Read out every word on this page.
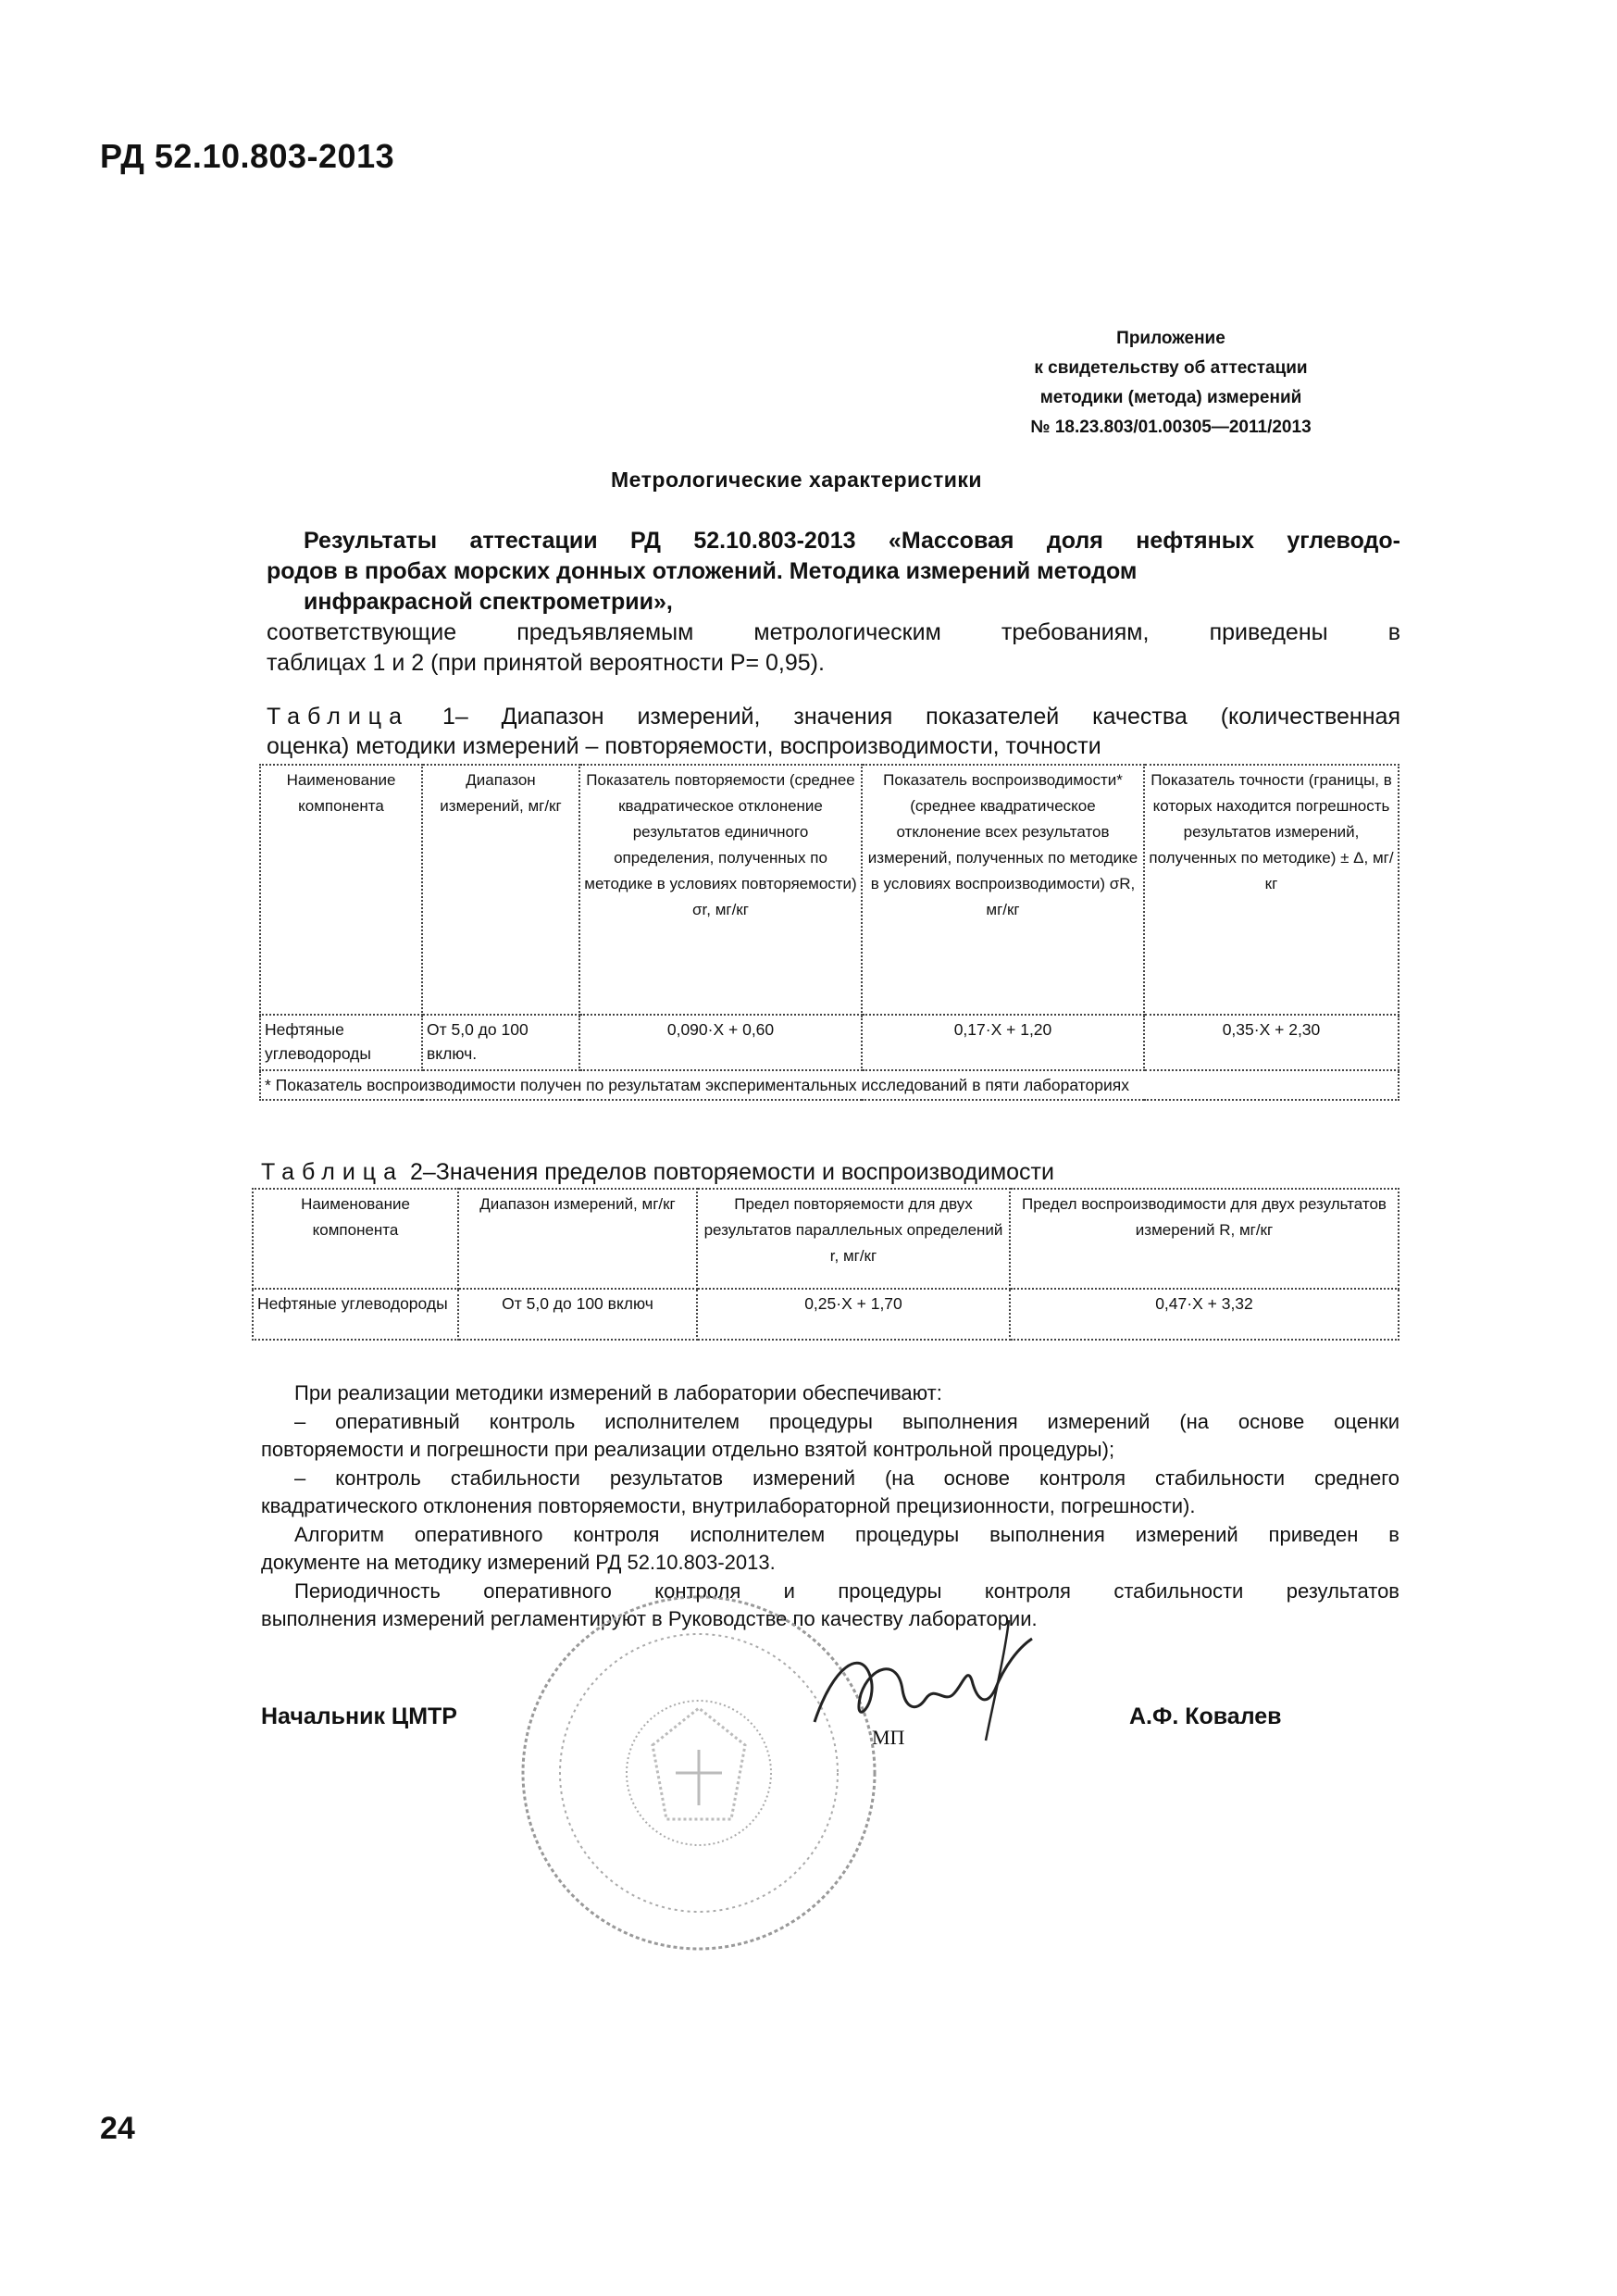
РД 52.10.803-2013
Приложение
к свидетельству об аттестации
методики (метода) измерений
№ 18.23.803/01.00305—2011/2013
Метрологические характеристики
Результаты аттестации РД 52.10.803-2013 «Массовая доля нефтяных углеводо-
родов в пробах морских донных отложений. Методика измерений методом
инфракрасной спектрометрии»,
соответствующие предъявляемым метрологическим требованиям, приведены в
таблицах 1 и 2 (при принятой вероятности P= 0,95).
Таблица 1– Диапазон измерений, значения показателей качества (количественная
оценка) методики измерений – повторяемости, воспроизводимости, точности
Наименование компонента	Диапазон измерений, мг/кг	Показатель повторяемости (среднее квадратическое отклонение результатов единичного определения, полученных по методике в условиях повторяемости) σr, мг/кг	Показатель воспроизводимости* (среднее квадратическое отклонение всех результатов измерений, полученных по методике в условиях воспроизводимости) σR, мг/кг	Показатель точности (границы, в которых находится погрешность результатов измерений, полученных по методике) ± Δ, мг/кг
Нефтяные углеводороды	От 5,0 до 100 включ.	0,090·X + 0,60	0,17·X + 1,20	0,35·X + 2,30
* Показатель воспроизводимости получен по результатам экспериментальных исследований в пяти лабораториях				
Таблица 2–Значения пределов повторяемости и воспроизводимости
Наименование компонента	Диапазон измерений, мг/кг	Предел повторяемости для двух результатов параллельных определений r, мг/кг	Предел воспроизводимости для двух результатов измерений R, мг/кг
Нефтяные углеводороды	От 5,0 до 100 включ	0,25·X + 1,70	0,47·X + 3,32

При реализации методики измерений в лаборатории обеспечивают:

– оперативный контроль исполнителем процедуры выполнения измерений (на основе оценки

повторяемости и погрешности при реализации отдельно взятой контрольной процедуры);

– контроль стабильности результатов измерений (на основе контроля стабильности среднего

квадратического отклонения повторяемости, внутрилабораторной прецизионности, погрешности).

Алгоритм оперативного контроля исполнителем процедуры выполнения измерений приведен в

документе на методику измерений РД 52.10.803-2013.

Периодичность оперативного контроля и процедуры контроля стабильности результатов

выполнения измерений регламентируют в Руководстве по качеству лаборатории.

Начальник ЦМТР
МП
А.Ф. Ковалев
24
